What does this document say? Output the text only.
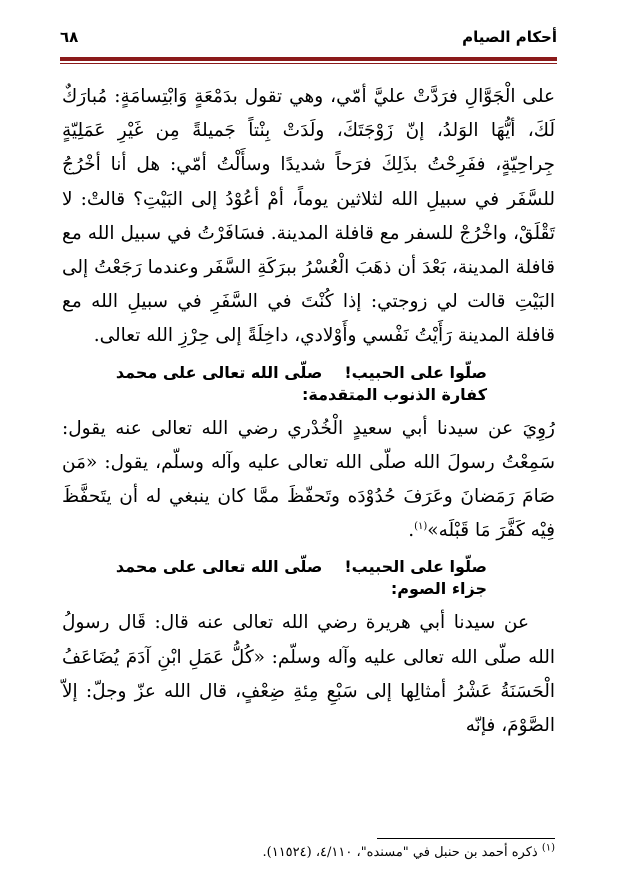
أحكام الصيام
٦٨

على الْجَوَّالِ فرَدَّتْ عليَّ أمّي، وهي تقول بدَمْعَةٍ وَابْتِسامَةٍ: مُبارَكٌ لَكَ، أيُّهَا الوَلدُ، إنّ زَوْجَتَكَ، ولَدَتْ بِنْتاً جَميلةً مِن غَيْرِ عَمَلِيّةٍ جِراحِيّةٍ، ففَرِحْتُ بذَلِكَ فرَحاً شديدًا وسأَلْتُ أمّي: هل أنا أخْرُجُ للسَّفَر في سبيلِ الله لثلاثين يوماً، أمْ أعُوْدُ إلى البَيْتِ؟ قالتْ: لا تَقْلَقْ، واخْرُجْ للسفر مع قافلة المدينة. فسَافَرْتُ في سبيل الله مع قافلة المدينة، بَعْدَ أن ذهَبَ الْعُسْرُ ببرَكَةِ السَّفَر وعندما رَجَعْتُ إلى البَيْتِ قالت لي زوجتي: إذا كُنْتَ في السَّفَرِ في سبيلِ الله مع قافلة المدينة رَأَيْتُ نَفْسي وأَوْلادي، داخِلَةً إلى حِرْزِ الله تعالى.

صلّوا على الحبيب!صلّى الله تعالى على محمد

كفارة الذنوب المتقدمة:

رُوِيَ عن سيدنا أبي سعيدٍ الْخُدْري رضي الله تعالى عنه يقول: سَمِعْتُ رسولَ الله صلّى الله تعالى عليه وآله وسلّم، يقول: «مَن صَامَ رَمَضانَ وعَرَفَ حُدُوْدَه وتَحفّظَ ممَّا كان ينبغي له أن يتَحفَّظَ فِيْه كَفَّرَ مَا قَبْلَه»$^{(١)}$.

صلّوا على الحبيب!صلّى الله تعالى على محمد

جزاء الصوم:

عن سيدنا أبي هريرة رضي الله تعالى عنه قال: قَال رسولُ الله صلّى الله تعالى عليه وآله وسلّم: «كُلُّ عَمَلِ ابْنِ آدَمَ يُضَاعَفُ الْحَسَنَةُ عَشْرُ أمثالِها إلى سَبْعِ مِئةِ ضِعْفٍ، قال الله عزّ وجلّ: إلاّ الصَّوْمَ، فإنّه

$^{(١)}$ ذكره أحمد بن حنبل في "مسنده"، ٤/١١٠، (١١٥٢٤).
